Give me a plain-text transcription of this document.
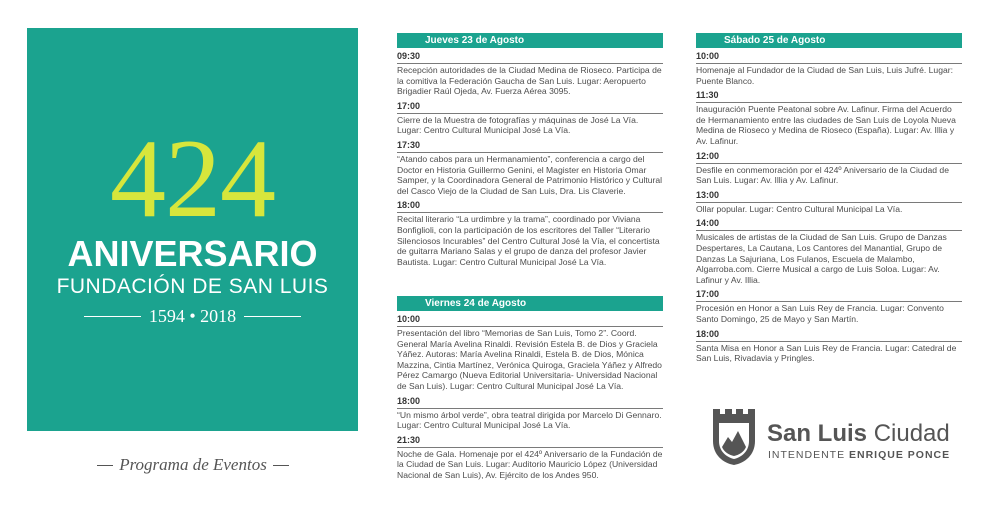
424
ANIVERSARIO
FUNDACIÓN DE SAN LUIS
1594 • 2018
Programa de Eventos
Jueves 23 de Agosto
09:30
Recepción autoridades de la Ciudad Medina de Rioseco. Participa de la comitiva la Federación Gaucha de San Luis. Lugar: Aeropuerto Brigadier Raúl Ojeda, Av. Fuerza Aérea 3095.
17:00
Cierre de la Muestra de fotografías y máquinas de José La Vía. Lugar: Centro Cultural Municipal José La Vía.
17:30
“Atando cabos para un Hermanamiento”, conferencia a cargo del Doctor en Historia Guillermo Genini, el Magister en Historia Omar Samper, y la Coordinadora General de Patrimonio Histórico y Cultural del Casco Viejo de la Ciudad de San Luis, Dra. Lis Claverie.
18:00
Recital literario “La urdimbre y la trama”, coordinado por Viviana Bonfiglioli, con la participación de los escritores del Taller “Literario Silenciosos Incurables” del Centro Cultural José la Vía, el concertista de guitarra Mariano Salas y el grupo de danza del profesor Javier Bautista. Lugar: Centro Cultural Municipal José La Vía.
Viernes 24 de Agosto
10:00
Presentación del libro “Memorias de San Luis, Tomo 2”. Coord. General María Avelina Rinaldi. Revisión Estela B. de Dios y Graciela Yáñez. Autoras: María Avelina Rinaldi, Estela B. de Dios, Mónica Mazzina, Cintia Martínez, Verónica Quiroga, Graciela Yáñez y Alfredo Pérez Camargo (Nueva Editorial Universitaria- Universidad Nacional de San Luis). Lugar: Centro Cultural Municipal José La Vía.
18:00
“Un mismo árbol verde”, obra teatral dirigida por Marcelo Di Gennaro. Lugar: Centro Cultural Municipal José La Vía.
21:30
Noche de Gala. Homenaje por el 424º Aniversario de la Fundación de la Ciudad de San Luis. Lugar: Auditorio Mauricio López (Universidad Nacional de San Luis), Av. Ejército de los Andes 950.
Sábado 25 de Agosto
10:00
Homenaje al Fundador de la Ciudad de San Luis, Luis Jufré. Lugar: Puente Blanco.
11:30
Inauguración Puente Peatonal sobre Av. Lafinur. Firma del Acuerdo de Hermanamiento entre las ciudades de San Luis de Loyola Nueva Medina de Rioseco y Medina de Rioseco (España). Lugar: Av. Illia y Av. Lafinur.
12:00
Desfile en conmemoración por el 424º Aniversario de la Ciudad de San Luis. Lugar: Av. Illia y Av. Lafinur.
13:00
Ollar popular. Lugar: Centro Cultural Municipal La Vía.
14:00
Musicales de artistas de la Ciudad de San Luis. Grupo de Danzas Despertares, La Cautana, Los Cantores del Manantial, Grupo de Danzas La Sajuriana, Los Fulanos, Escuela de Malambo, Algarroba.com. Cierre Musical a cargo de Luis Soloa. Lugar: Av. Lafinur y Av. Illia.
17:00
Procesión en Honor a San Luis Rey de Francia. Lugar: Convento Santo Domingo, 25 de Mayo y San Martín.
18:00
Santa Misa en Honor a San Luis Rey de Francia. Lugar: Catedral de San Luis, Rivadavia y Pringles.
San Luis Ciudad
INTENDENTE ENRIQUE PONCE
